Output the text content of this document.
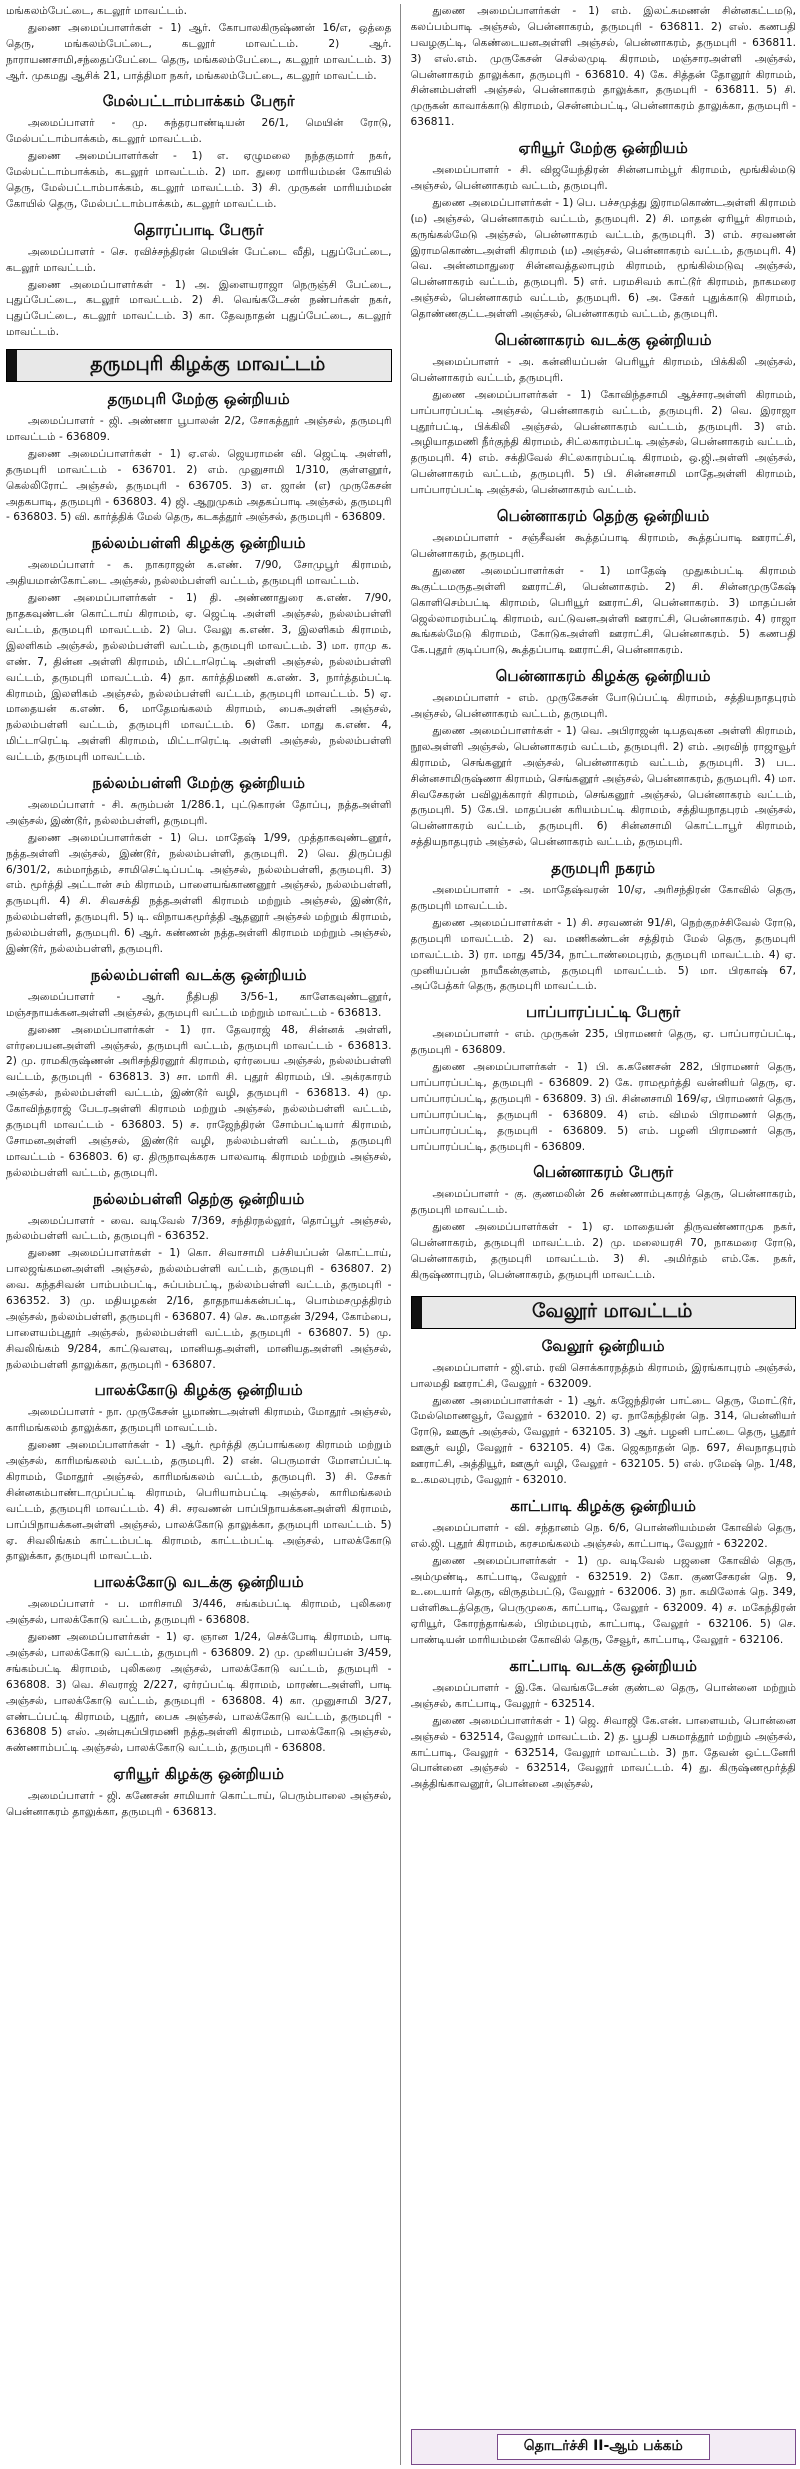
மங்கலம்பேட்டை, கடலூர் மாவட்டம்.

துணை அமைப்பாளர்கள் - 1) ஆர். கோபாலகிருஷ்ணன் 16/எ, ஒத்தை தெரு, மங்கலம்பேட்டை, கடலூர் மாவட்டம். 2) ஆர். நாராயணசாமி,சந்தைப்பேட்டை தெரு, மங்கலம்பேட்டை, கடலூர் மாவட்டம். 3) ஆர். முகமது ஆசிக் 21, பாத்திமா நகர், மங்கலம்பேட்டை, கடலூர் மாவட்டம்.

மேல்பட்டாம்பாக்கம் பேரூர்

அமைப்பாளர் - மு. சுந்தரபாண்டியன் 26/1, மெயின் ரோடு, மேல்பட்டாம்பாக்கம், கடலூர் மாவட்டம்.

துணை அமைப்பாளர்கள் - 1) எ. ஏழுமலை நந்தகுமார் நகர், மேல்பட்டாம்பாக்கம், கடலூர் மாவட்டம். 2) மா. துரை மாரியம்மன் கோயில் தெரு, மேல்பட்டாம்பாக்கம், கடலூர் மாவட்டம். 3) சி. முருகன் மாரியம்மன் கோயில் தெரு, மேல்பட்டாம்பாக்கம், கடலூர் மாவட்டம்.

தொரப்பாடி பேரூர்

அமைப்பாளர் - செ. ரவிச்சந்திரன் மெயின் பேட்டை வீதி, புதுப்பேட்டை, கடலூர் மாவட்டம்.

துணை அமைப்பாளர்கள் - 1) அ. இளையராஜா நெருஞ்சி பேட்டை, புதுப்பேட்டை, கடலூர் மாவட்டம். 2) சி. வெங்கடேசன் நண்பர்கள் நகர், புதுப்பேட்டை, கடலூர் மாவட்டம். 3) கா. தேவநாதன் புதுப்பேட்டை, கடலூர் மாவட்டம்.

தருமபுரி கிழக்கு மாவட்டம்
தருமபுரி மேற்கு ஒன்றியம்

அமைப்பாளர் - ஜி. அண்ணா பூபாலன் 2/2, சோகத்தூர் அஞ்சல், தருமபுரி மாவட்டம் - 636809.

துணை அமைப்பாளர்கள் - 1) ஏ.எல். ஜெயராமன் வி. ஜெட்டி அள்ளி, தருமபுரி மாவட்டம் - 636701. 2) எம். முனுசாமி 1/310, குள்ளனூர், கெல்லிரோட் அஞ்சல், தருமபுரி - 636705. 3) எ. ஜான் (எ) முருகேசன் அதகபாடி, தருமபுரி - 636803. 4) ஜி. ஆறுமுகம் அதகப்பாடி அஞ்சல், தருமபுரி - 636803. 5) வி. கார்த்திக் மேல் தெரு, கடகத்தூர் அஞ்சல், தருமபுரி - 636809.

நல்லம்பள்ளி கிழக்கு ஒன்றியம்

அமைப்பாளர் - க. நாகராஜன் க.எண். 7/90, சோமுபூர் கிராமம், அதியமான்கோட்டை அஞ்சல், நல்லம்பள்ளி வட்டம், தருமபுரி மாவட்டம்.

துணை அமைப்பாளர்கள் - 1) தி. அண்ணாதுரை க.எண். 7/90, நாதகவுண்டன் கொட்டாய் கிராமம், ஏ. ஜெட்டி அள்ளி அஞ்சல், நல்லம்பள்ளி வட்டம், தருமபுரி மாவட்டம். 2) பெ. வேலு க.எண். 3, இலளிகம் கிராமம், இலளிகம் அஞ்சல், நல்லம்பள்ளி வட்டம், தருமபுரி மாவட்டம். 3) மா. ராமு க. எண். 7, தின்ன அள்ளி கிராமம், மிட்டாரெட்டி அள்ளி அஞ்சல், நல்லம்பள்ளி வட்டம், தருமபுரி மாவட்டம். 4) தா. கார்த்திமணி க.எண். 3, நார்த்தம்பட்டி கிராமம், இலளிகம் அஞ்சல், நல்லம்பள்ளி வட்டம், தருமபுரி மாவட்டம். 5) ஏ. மாதையன் க.எண். 6, மாதேமங்கலம் கிராமம், பைசுஅள்ளி அஞ்சல், நல்லம்பள்ளி வட்டம், தருமபுரி மாவட்டம். 6) கோ. மாது க.எண். 4, மிட்டாரெட்டி அள்ளி கிராமம், மிட்டாரெட்டி அள்ளி அஞ்சல், நல்லம்பள்ளி வட்டம், தருமபுரி மாவட்டம்.

நல்லம்பள்ளி மேற்கு ஒன்றியம்

அமைப்பாளர் - சி. சுரும்பன் 1/286.1, புட்டுகாரன் தோப்பு, நத்தஅள்ளி அஞ்சல், இண்டூர், நல்லம்பள்ளி, தருமபுரி.

துணை அமைப்பாளர்கள் - 1) பெ. மாதேஷ் 1/99, முத்தாகவுண்டனூர், நத்தஅள்ளி அஞ்சல், இண்டூர், நல்லம்பள்ளி, தருமபுரி. 2) வெ. திருப்பதி 6/301/2, கம்மாந்தம், சாமிசெட்டிப்பட்டி அஞ்சல், நல்லம்பள்ளி, தருமபுரி. 3) எம். மூர்த்தி அட்டான் சம் கிராமம், பாளையங்காணனூர் அஞ்சல், நல்லம்பள்ளி, தருமபுரி. 4) சி. சிவசக்தி நத்தஅள்ளி கிராமம் மற்றும் அஞ்சல், இண்டூர், நல்லம்பள்ளி, தருமபுரி. 5) டி. விநாயகமூர்த்தி ஆதனூர் அஞ்சல் மற்றும் கிராமம், நல்லம்பள்ளி, தருமபுரி. 6) ஆர். கண்ணன் நத்தஅள்ளி கிராமம் மற்றும் அஞ்சல், இண்டூர், நல்லம்பள்ளி, தருமபுரி.

நல்லம்பள்ளி வடக்கு ஒன்றியம்

அமைப்பாளர் - ஆர். நீதிபதி 3/56-1, காளேகவுண்டனூர், மஞ்சநாயக்கனஅள்ளி அஞ்சல், தருமபுரி வட்டம் மற்றும் மாவட்டம் - 636813.

துணை அமைப்பாளர்கள் - 1) ரா. தேவராஜ் 48, சின்னக் அள்ளி, எர்ரபையனஅள்ளி அஞ்சல், தருமபுரி வட்டம், தருமபுரி மாவட்டம் - 636813. 2) மு. ராமகிருஷ்ணன் அரிசந்திரனூர் கிராமம், ஏர்ரபைய அஞ்சல், நல்லம்பள்ளி வட்டம், தருமபுரி - 636813. 3) சா. மாரி சி. புதூர் கிராமம், பி. அக்ரகாரம் அஞ்சல், நல்லம்பள்ளி வட்டம், இண்டூர் வழி, தருமபுரி - 636813. 4) மு. கோவிந்தராஜ் பேடரஅள்ளி கிராமம் மற்றும் அஞ்சல், நல்லம்பள்ளி வட்டம், தருமபுரி மாவட்டம் - 636803. 5) ச. ராஜேந்திரன் சோம்பட்டியார் கிராமம், சோமனஅள்ளி அஞ்சல், இண்டூர் வழி, நல்லம்பள்ளி வட்டம், தருமபுரி மாவட்டம் - 636803. 6) ஏ. திருநாவுக்கரசு பாலவாடி கிராமம் மற்றும் அஞ்சல், நல்லம்பள்ளி வட்டம், தருமபுரி.

நல்லம்பள்ளி தெற்கு ஒன்றியம்

அமைப்பாளர் - வை. வடிவேல் 7/369, சந்திரநல்லூர், தொப்பூர் அஞ்சல், நல்லம்பள்ளி வட்டம், தருமபுரி - 636352.

துணை அமைப்பாளர்கள் - 1) கொ. சிவாசாமி பச்சியப்பன் கொட்டாய், பாலஜங்கமனஅள்ளி அஞ்சல், நல்லம்பள்ளி வட்டம், தருமபுரி - 636807. 2) வை. கந்தசிவன் பாம்பம்பட்டி, சுப்பம்பட்டி, நல்லம்பள்ளி வட்டம், தருமபுரி - 636352. 3) மு. மதியழகன் 2/16, தாதநாயக்கன்பட்டி, பொம்மசமுத்திரம் அஞ்சல், நல்லம்பள்ளி, தருமபுரி - 636807. 4) செ. கூ.மாதன் 3/294, கோம்பை, பாளையம்புதூர் அஞ்சல், நல்லம்பள்ளி வட்டம், தருமபுரி - 636807. 5) மு. சிவலிங்கம் 9/284, காட்டுவளவு, மானியதஅள்ளி, மானியதஅள்ளி அஞ்சல், நல்லம்பள்ளி தாலுக்கா, தருமபுரி - 636807.

பாலக்கோடு கிழக்கு ஒன்றியம்

அமைப்பாளர் - நா. முருகேசன் பூமாண்டஅள்ளி கிராமம், மோதூர் அஞ்சல், காரிமங்கலம் தாலுக்கா, தருமபுரி மாவட்டம்.

துணை அமைப்பாளர்கள் - 1) ஆர். மூர்த்தி குப்பாங்கரை கிராமம் மற்றும் அஞ்சல், காரிமங்கலம் வட்டம், தருமபுரி. 2) என். பெருமாள் மோளப்பட்டி கிராமம், மோதூர் அஞ்சல், காரிமங்கலம் வட்டம், தருமபுரி. 3) சி. சேகர் சின்னகம்பாண்டாமுப்பட்டி கிராமம், பெரியாம்பட்டி அஞ்சல், காரிமங்கலம் வட்டம், தருமபுரி மாவட்டம். 4) சி. சரவணன் பாப்பிநாயக்கனஅள்ளி கிராமம், பாப்பிநாயக்கனஅள்ளி அஞ்சல், பாலக்கோடு தாலுக்கா, தருமபுரி மாவட்டம். 5) ஏ. சிவலிங்கம் காட்டம்பட்டி கிராமம், காட்டம்பட்டி அஞ்சல், பாலக்கோடு தாலுக்கா, தருமபுரி மாவட்டம்.

பாலக்கோடு வடக்கு ஒன்றியம்

அமைப்பாளர் - ப. மாரிசாமி 3/446, சங்கம்பட்டி கிராமம், புலிகரை அஞ்சல், பாலக்கோடு வட்டம், தருமபுரி - 636808.

துணை அமைப்பாளர்கள் - 1) ஏ. ஞான 1/24, செக்போடி கிராமம், பாடி அஞ்சல், பாலக்கோடு வட்டம், தருமபுரி - 636809. 2) மு. முனியப்பன் 3/459, சங்கம்பட்டி கிராமம், புலிகரை அஞ்சல், பாலக்கோடு வட்டம், தருமபுரி - 636808. 3) வெ. சிவராஜ் 2/227, ஏர்ரப்பட்டி கிராமம், மாரண்டஅள்ளி, பாடி அஞ்சல், பாலக்கோடு வட்டம், தருமபுரி - 636808. 4) கா. முனுசாமி 3/27, எண்டப்பட்டி கிராமம், புதூர், பைசு அஞ்சல், பாலக்கோடு வட்டம், தருமபுரி - 636808 5) எஸ். அன்புசுப்பிரமணி நத்தஅள்ளி கிராமம், பாலக்கோடு அஞ்சல், சுண்ணாம்பட்டி அஞ்சல், பாலக்கோடு வட்டம், தருமபுரி - 636808.

ஏரியூர் கிழக்கு ஒன்றியம்

அமைப்பாளர் - ஜி. கணேசன் சாமியார் கொட்டாய், பெரும்பாலை அஞ்சல், பென்னாகரம் தாலுக்கா, தருமபுரி - 636813.

துணை அமைப்பாளர்கள் - 1) எம். இலட்சுமணன் சின்னகட்டமடு, கலப்பம்பாடி அஞ்சல், பென்னாகரம், தருமபுரி - 636811. 2) எஸ். கணபதி பவழகுட்டி, கெண்டையனஅள்ளி அஞ்சல், பென்னாகரம், தருமபுரி - 636811. 3) எஸ்.எம். முருகேசன் செல்லமுடி கிராமம், மஞ்சாரஅள்ளி அஞ்சல், பென்னாகரம் தாலுக்கா, தருமபுரி - 636810. 4) கே. சித்தன் தோனூர் கிராமம், சின்னம்பள்ளி அஞ்சல், பென்னாகரம் தாலுக்கா, தருமபுரி - 636811. 5) சி. முருகன் காவாக்காடு கிராமம், சென்னம்பட்டி, பென்னாகரம் தாலுக்கா, தருமபுரி - 636811.

ஏரியூர் மேற்கு ஒன்றியம்

அமைப்பாளர் - சி. விஜயேந்திரன் சின்னபாம்பூர் கிராமம், மூங்கில்மடு அஞ்சல், பென்னாகரம் வட்டம், தருமபுரி.

துணை அமைப்பாளர்கள் - 1) பெ. பச்சமுத்து இராமகொண்டஅள்ளி கிராமம் (ம) அஞ்சல், பென்னாகரம் வட்டம், தருமபுரி. 2) சி. மாதன் ஏரியூர் கிராமம், கருங்கல்மேடு அஞ்சல், பென்னாகரம் வட்டம், தருமபுரி. 3) எம். சரவணன் இராமகொண்டஅள்ளி கிராமம் (ம) அஞ்சல், பென்னாகரம் வட்டம், தருமபுரி. 4) வெ. அன்னமாதுரை சின்னவத்தலாபுரம் கிராமம், மூங்கில்மடுவு அஞ்சல், பென்னாகரம் வட்டம், தருமபுரி. 5) எர். பரமசிவம் காட்டூர் கிராமம், நாகமரை அஞ்சல், பென்னாகரம் வட்டம், தருமபுரி. 6) அ. சேகர் புதுக்காடு கிராமம், தொண்ணகுட்டஅள்ளி அஞ்சல், பென்னாகரம் வட்டம், தருமபுரி.

பென்னாகரம் வடக்கு ஒன்றியம்

அமைப்பாளர் - அ. கன்னியப்பன் பெரியூர் கிராமம், பிக்கிலி அஞ்சல், பென்னாகரம் வட்டம், தருமபுரி.

துணை அமைப்பாளர்கள் - 1) கோவிந்தசாமி ஆச்சாரஅள்ளி கிராமம், பாப்பாரப்பட்டி அஞ்சல், பென்னாகரம் வட்டம், தருமபுரி. 2) வெ. இராஜா புதூர்பட்டி, பிக்கிலி அஞ்சல், பென்னாகரம் வட்டம், தருமபுரி. 3) எம். அழியாதமணி நீர்குந்தி கிராமம், சிட்லகாரம்பட்டி அஞ்சல், பென்னாகரம் வட்டம், தருமபுரி. 4) எம். சக்திவேல் சிட்லகாரம்பட்டி கிராமம், ஒ.ஜி.அள்ளி அஞ்சல், பென்னாகரம் வட்டம், தருமபுரி. 5) பி. சின்னசாமி மாதேஅள்ளி கிராமம், பாப்பாரப்பட்டி அஞ்சல், பென்னாகரம் வட்டம்.

பென்னாகரம் தெற்கு ஒன்றியம்

அமைப்பாளர் - சஞ்சீவன் கூத்தப்பாடி கிராமம், கூத்தப்பாடி ஊராட்சி, பென்னாகரம், தருமபுரி.

துணை அமைப்பாளர்கள் - 1) மாதேஷ் முதுகம்பட்டி கிராமம் கூகுட்டமருதஅள்ளி ஊராட்சி, பென்னாகரம். 2) சி. சின்னமுருகேஷ் கொளிசெம்பட்டி கிராமம், பெரியூர் ஊராட்சி, பென்னாகரம். 3) மாதப்பன் ஜெல்லாமரம்பட்டி கிராமம், வட்டுவனஅள்ளி ஊராட்சி, பென்னாகரம். 4) ராஜா கூங்கல்மேடு கிராமம், கோடுகஅள்ளி ஊராட்சி, பென்னாகரம். 5) கணபதி கே.புதூர் குடிப்பாடு, கூத்தப்பாடி ஊராட்சி, பென்னாகரம்.

பென்னாகரம் கிழக்கு ஒன்றியம்

அமைப்பாளர் - எம். முருகேசன் போடுப்பட்டி கிராமம், சத்தியநாதபுரம் அஞ்சல், பென்னாகரம் வட்டம், தருமபுரி.

துணை அமைப்பாளர்கள் - 1) வெ. அபிராஜன் டிபதவுகன அள்ளி கிராமம், நூலஅள்ளி அஞ்சல், பென்னாகரம் வட்டம், தருமபுரி. 2) எம். அரவிந் ராஜாவூர் கிராமம், செங்கனூர் அஞ்சல், பென்னாகரம் வட்டம், தருமபுரி. 3) பட. சின்னசாமிருஷ்ணா கிராமம், செங்கனூர் அஞ்சல், பென்னாகரம், தருமபுரி. 4) மா. சிவசேகரன் பவிலுக்காரர் கிராமம், செங்கனூர் அஞ்சல், பென்னாகரம் வட்டம், தருமபுரி. 5) கே.பி. மாதப்பன் கரியம்பட்டி கிராமம், சத்தியநாதபுரம் அஞ்சல், பென்னாகரம் வட்டம், தருமபுரி. 6) சின்னசாமி கொட்டாபூர் கிராமம், சத்தியநாதபுரம் அஞ்சல், பென்னாகரம் வட்டம், தருமபுரி.

தருமபுரி நகரம்

அமைப்பாளர் - அ. மாதேஷ்வரன் 10/ஏ, அரிசந்திரன் கோவில் தெரு, தருமபுரி மாவட்டம்.

துணை அமைப்பாளர்கள் - 1) சி. சரவணன் 91/சி, நெற்குறச்சிவேல் ரோடு, தருமபுரி மாவட்டம். 2) வ. மணிகண்டன் சத்திரம் மேல் தெரு, தருமபுரி மாவட்டம். 3) ரா. மாது 45/34, நாட்டாண்மைபுரம், தருமபுரி மாவட்டம். 4) ஏ. முனியப்பன் நாயீகன்குளம், தருமபுரி மாவட்டம். 5) மா. பிரகாஷ் 67, அப்பேத்கர் தெரு, தருமபுரி மாவட்டம்.

பாப்பாரப்பட்டி பேரூர்

அமைப்பாளர் - எம். முருகன் 235, பிராமணர் தெரு, ஏ. பாப்பாரப்பட்டி, தருமபுரி - 636809.

துணை அமைப்பாளர்கள் - 1) பி. க.கணேசன் 282, பிராமணர் தெரு, பாப்பாரப்பட்டி, தருமபுரி - 636809. 2) கே. ராமமூர்த்தி வன்னியர் தெரு, ஏ. பாப்பாரப்பட்டி, தருமபுரி - 636809. 3) பி. சின்னசாமி 169/ஏ, பிராமணர் தெரு, பாப்பாரப்பட்டி, தருமபுரி - 636809. 4) எம். விமல் பிராமணர் தெரு, பாப்பாரப்பட்டி, தருமபுரி - 636809. 5) எம். பழனி பிராமணர் தெரு, பாப்பாரப்பட்டி, தருமபுரி - 636809.

பென்னாகரம் பேரூர்

அமைப்பாளர் - கு. குணமலின் 26 சுண்ணாம்புகாரத் தெரு, பென்னாகரம், தருமபுரி மாவட்டம்.

துணை அமைப்பாளர்கள் - 1) ஏ. மாதையன் திருவண்ணாமுக நகர், பென்னாகரம், தருமபுரி மாவட்டம். 2) மு. மலையரசி 70, நாகமரை ரோடு, பென்னாகரம், தருமபுரி மாவட்டம். 3) சி. அமிர்தம் எம்.கே. நகர், கிருஷ்ணாபுரம், பென்னாகரம், தருமபுரி மாவட்டம்.

வேலூர் மாவட்டம்
வேலூர் ஒன்றியம்

அமைப்பாளர் - ஜி.எம். ரவி சொக்காரநத்தம் கிராமம், இரங்காபுரம் அஞ்சல், பாலமதி ஊராட்சி, வேலூர் - 632009.

துணை அமைப்பாளர்கள் - 1) ஆர். கஜேந்திரன் பாட்டை தெரு, மோட்டூர், மேல்மொணவூர், வேலூர் - 632010. 2) ஏ. நாகேந்திரன் நெ. 314, பென்னியர் ரோடு, ஊசூர் அஞ்சல், வேலூர் - 632105. 3) ஆர். பழனி பாட்டை தெரு, பூதூர் ஊசூர் வழி, வேலூர் - 632105. 4) கே. ஜெகநாதன் நெ. 697, சிவநாதபுரம் ஊராட்சி, அத்தியூர், ஊசூர் வழி, வேலூர் - 632105. 5) எல். ரமேஷ் நெ. 1/48, உ.கமலபுரம், வேலூர் - 632010.

காட்பாடி கிழக்கு ஒன்றியம்

அமைப்பாளர் - வி. சந்தானம் நெ. 6/6, பொன்னியம்மன் கோவில் தெரு, எல்.ஜி. புதூர் கிராமம், கரசமங்கலம் அஞ்சல், காட்பாடி, வேலூர் - 632202.

துணை அமைப்பாளர்கள் - 1) மு. வடிவேல் பஜனை கோவில் தெரு, அம்முண்டி, காட்பாடி, வேலூர் - 632519. 2) கோ. குணசேகரன் நெ. 9, உ.டையார் தெரு, விருதம்பட்டு, வேலூர் - 632006. 3) நா. கமிலோக் நெ. 349, பள்ளிகூடத்தெரு, பெருமுகை, காட்பாடி, வேலூர் - 632009. 4) ச. மகேந்திரன் ஏரியூர், கோரந்தாங்கல், பிரம்மபுரம், காட்பாடி, வேலூர் - 632106. 5) செ. பாண்டியன் மாரியம்மன் கோவில் தெரு, சேவூர், காட்பாடி, வேலூர் - 632106.

காட்பாடி வடக்கு ஒன்றியம்

அமைப்பாளர் - இ.கே. வெங்கடேசன் குண்டல தெரு, பொன்னை மற்றும் அஞ்சல், காட்பாடி, வேலூர் - 632514.

துணை அமைப்பாளர்கள் - 1) ஜெ. சிவாஜி கே.என். பாளையம், பொன்னை அஞ்சல் - 632514, வேலூர் மாவட்டம். 2) த. பூபதி பசுமாத்தூர் மற்றும் அஞ்சல், காட்பாடி, வேலூர் - 632514, வேலூர் மாவட்டம். 3) நா. தேவன் ஒட்டனேரி பொன்னை அஞ்சல் - 632514, வேலூர் மாவட்டம். 4) து. கிருஷ்ணமூர்த்தி அத்திங்காவனூர், பொன்னை அஞ்சல்,

தொடர்ச்சி II-ஆம் பக்கம்
